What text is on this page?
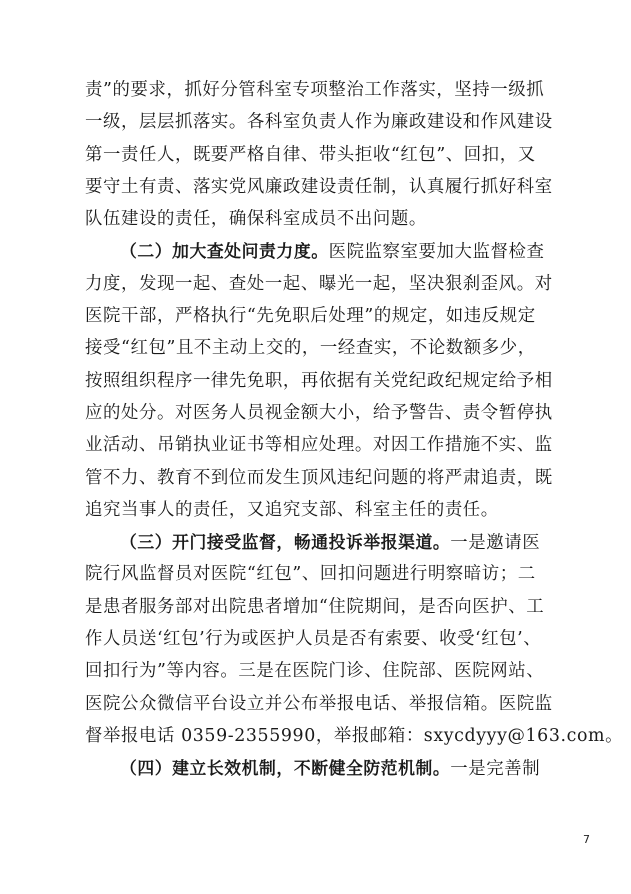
责”的要求，抓好分管科室专项整治工作落实，坚持一级抓
一级，层层抓落实。各科室负责人作为廉政建设和作风建设
第一责任人，既要严格自律、带头拒收“红包”、回扣，又
要守土有责、落实党风廉政建设责任制，认真履行抓好科室
队伍建设的责任，确保科室成员不出问题。
（二）加大查处问责力度。医院监察室要加大监督检查
力度，发现一起、查处一起、曝光一起，坚决狠刹歪风。对
医院干部，严格执行“先免职后处理”的规定，如违反规定
接受“红包”且不主动上交的，一经查实，不论数额多少，
按照组织程序一律先免职，再依据有关党纪政纪规定给予相
应的处分。对医务人员视金额大小，给予警告、责令暂停执
业活动、吊销执业证书等相应处理。对因工作措施不实、监
管不力、教育不到位而发生顶风违纪问题的将严肃追责，既
追究当事人的责任，又追究支部、科室主任的责任。
（三）开门接受监督，畅通投诉举报渠道。一是邀请医
院行风监督员对医院“红包”、回扣问题进行明察暗访；二
是患者服务部对出院患者增加“住院期间，是否向医护、工
作人员送‘红包’行为或医护人员是否有索要、收受‘红包’、
回扣行为”等内容。三是在医院门诊、住院部、医院网站、
医院公众微信平台设立并公布举报电话、举报信箱。医院监
督举报电话 0359-2355990，举报邮箱：sxycdyyy@163.com。
（四）建立长效机制，不断健全防范机制。一是完善制
7
